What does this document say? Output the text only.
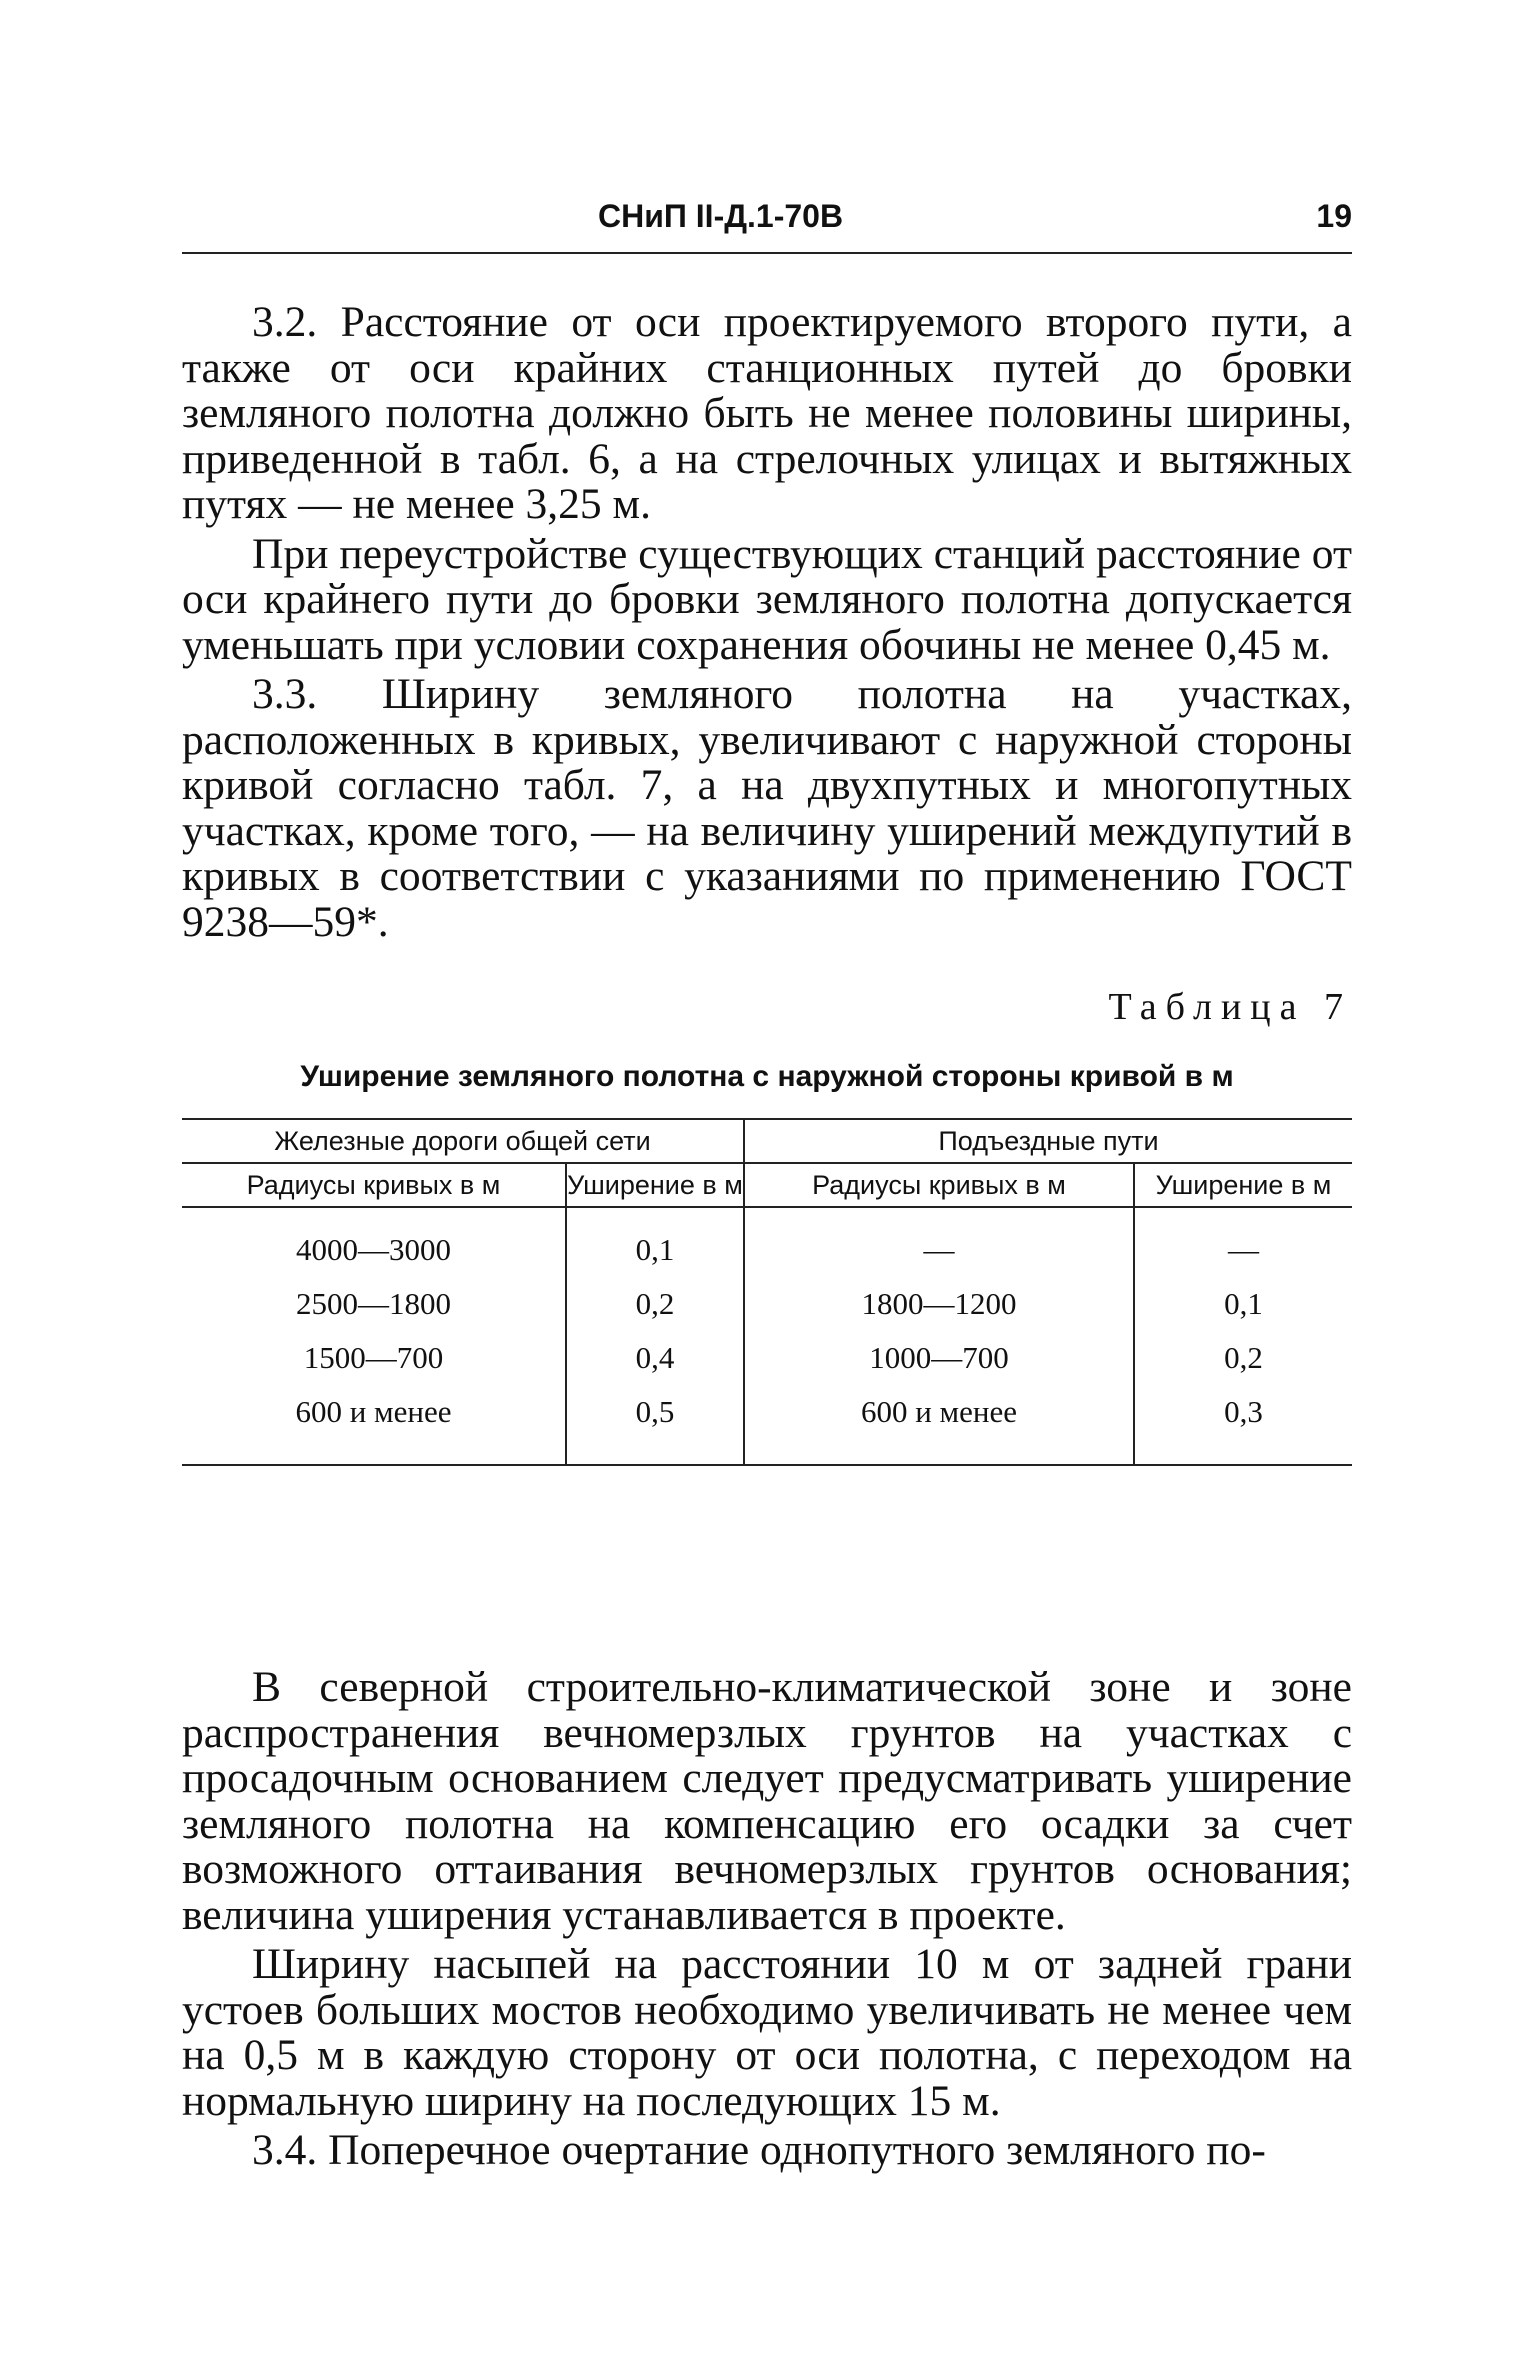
СНиП II-Д.1-70В	19

3.2. Расстояние от оси проектируемого второго пути, а также от оси крайних станционных путей до бровки земляного полотна должно быть не менее половины ширины, приведенной в табл. 6, а на стрелочных улицах и вытяжных путях — не менее 3,25 м.

При переустройстве существующих станций расстояние от оси крайнего пути до бровки земляного полотна допускается уменьшать при условии сохранения обочины не менее 0,45 м.

3.3. Ширину земляного полотна на участках, расположенных в кривых, увеличивают с наружной стороны кривой согласно табл. 7, а на двухпутных и многопутных участках, кроме того, — на величину уширений междупутий в кривых в соответствии с указаниями по применению ГОСТ 9238—59*.

Таблица 7
Уширение земляного полотна с наружной стороны кривой в м
Железные дороги общей сети		Подъездные пути	
Радиусы кривых в м	Уширение в м	Радиусы кривых в м	Уширение в м
4000—3000	0,1	—	—
2500—1800	0,2	1800—1200	0,1
1500—700	0,4	1000—700	0,2
600 и менее	0,5	600 и менее	0,3

В северной строительно-климатической зоне и зоне распространения вечномерзлых грунтов на участках с просадочным основанием следует предусматривать уширение земляного полотна на компенсацию его осадки за счет возможного оттаивания вечномерзлых грунтов основания; величина уширения устанавливается в проекте.

Ширину насыпей на расстоянии 10 м от задней грани устоев больших мостов необходимо увеличивать не менее чем на 0,5 м в каждую сторону от оси полотна, с переходом на нормальную ширину на последующих 15 м.

3.4. Поперечное очертание однопутного земляного по-
